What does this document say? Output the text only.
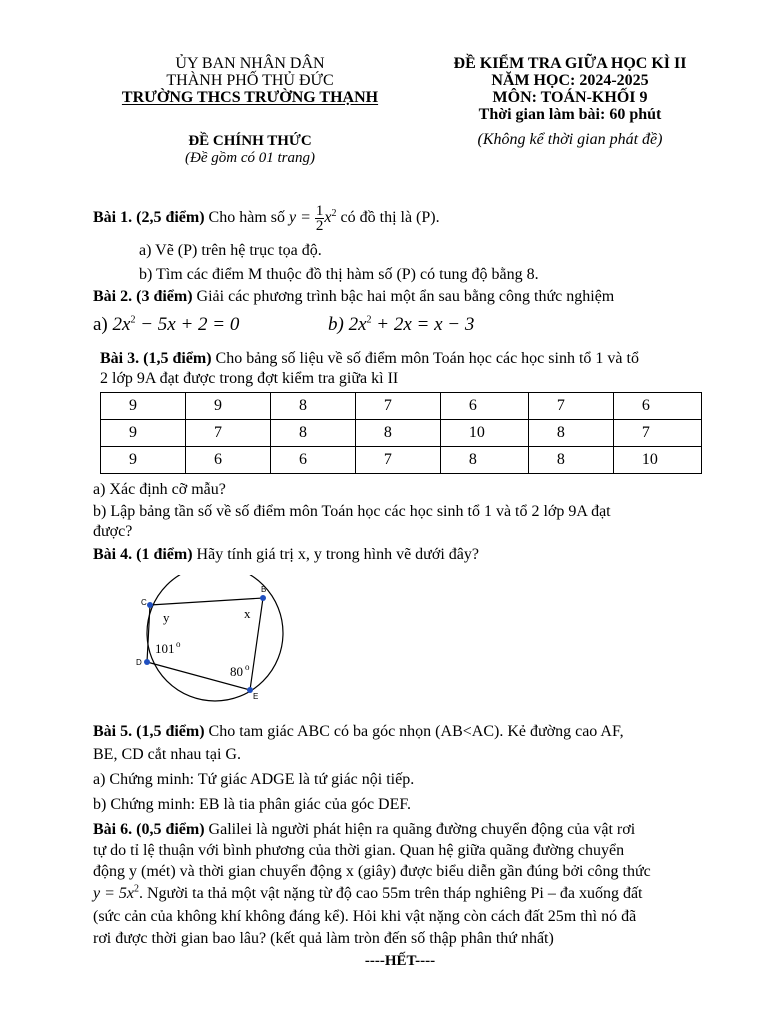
ỦY BAN NHÂN DÂN
THÀNH PHỐ THỦ ĐỨC
TRƯỜNG THCS TRƯỜNG THẠNH
ĐỀ CHÍNH THỨC
(Đề gồm có 01 trang)
ĐỀ KIỂM TRA GIỮA HỌC KÌ II
NĂM HỌC: 2024-2025
MÔN: TOÁN-KHỐI 9
Thời gian làm bài: 60 phút
(Không kể thời gian phát đề)
Bài 1. (2,5 điểm) Cho hàm số $y = \frac{1}{2} x^2$ có đồ thị là (P).
a) Vẽ (P) trên hệ trục tọa độ.
b) Tìm các điểm M thuộc đồ thị hàm số (P) có tung độ bằng 8.
Bài 2. (3 điểm) Giải các phương trình bậc hai một ẩn sau bằng công thức nghiệm
a) $2x^2 - 5x + 2 = 0$	b) $2x^2 + 2x = x - 3$
Bài 3. (1,5 điểm) Cho bảng số liệu về số điểm môn Toán học các học sinh tổ 1 và tổ
2 lớp 9A đạt được trong đợt kiểm tra giữa kì II
9	9	8	7	6	7	6
9	7	8	8	10	8	7
9	6	6	7	8	8	10
a) Xác định cỡ mẫu?
b) Lập bảng tần số về số điểm môn Toán học các học sinh tổ 1 và tổ 2 lớp 9A đạt
được?
Bài 4. (1 điểm) Hãy tính giá trị x, y trong hình vẽ dưới đây?
C
B
D
E
y	x
101 o
80 o
Bài 5. (1,5 điểm) Cho tam giác ABC có ba góc nhọn (AB<AC). Kẻ đường cao AF,
BE, CD cắt nhau tại G.
a) Chứng minh: Tứ giác ADGE là tứ giác nội tiếp.
b) Chứng minh: EB là tia phân giác của góc DEF.
Bài 6. (0,5 điểm) Galilei là người phát hiện ra quãng đường chuyển động của vật rơi
tự do tỉ lệ thuận với bình phương của thời gian. Quan hệ giữa quãng đường chuyển
động y (mét) và thời gian chuyển động x (giây) được biểu diễn gần đúng bởi công thức
$y = 5x^2$. Người ta thả một vật nặng từ độ cao 55m trên tháp nghiêng Pi – đa xuống đất
(sức cản của không khí không đáng kể). Hỏi khi vật nặng còn cách đất 25m thì nó đã
rơi được thời gian bao lâu? (kết quả làm tròn đến số thập phân thứ nhất)
----HẾT----
